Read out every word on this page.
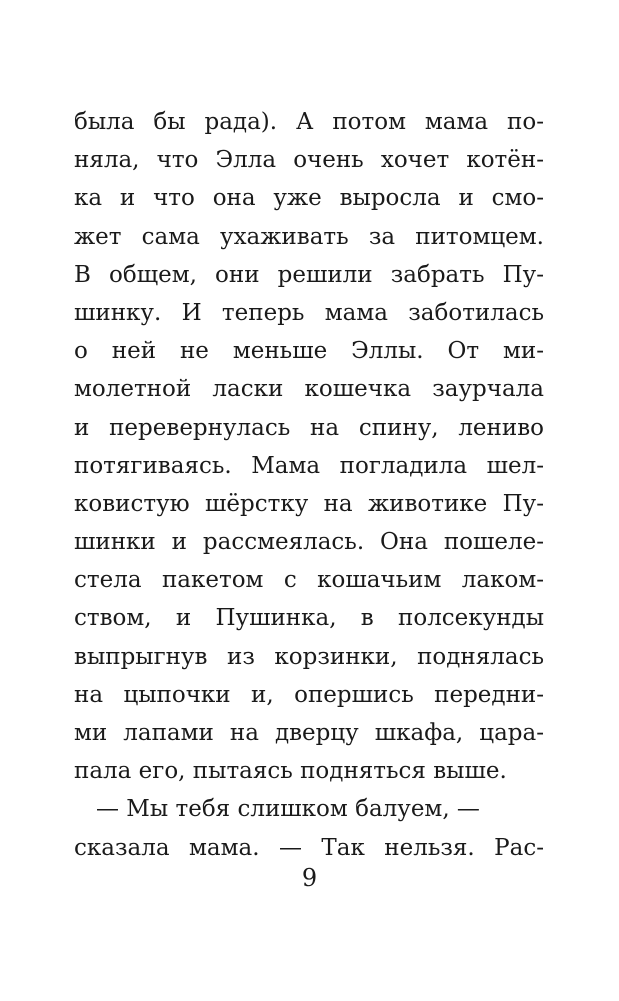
была бы рада). А потом мама по-
няла, что Элла очень хочет котён-
ка и что она уже выросла и смо-
жет сама ухаживать за питомцем.
В общем, они решили забрать Пу-
шинку. И теперь мама заботилась
о ней не меньше Эллы. От ми-
молетной ласки кошечка заурчала
и перевернулась на спину, лениво
потягиваясь. Мама погладила шел-
ковистую шёрстку на животике Пу-
шинки и рассмеялась. Она пошеле-
стела пакетом с кошачьим лаком-
ством, и Пушинка, в полсекунды
выпрыгнув из корзинки, поднялась
на цыпочки и, опершись передни-
ми лапами на дверцу шкафа, цара-
пала его, пытаясь подняться выше.
— Мы тебя слишком балуем, —
сказала мама. — Так нельзя. Рас-
9
